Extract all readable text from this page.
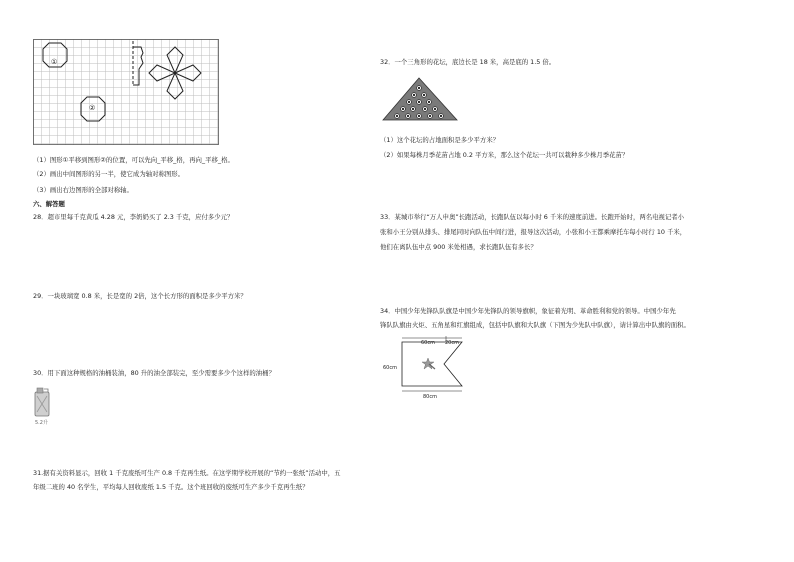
①
②
（1）图形①平移到图形②的位置，可以先向_平移_格，再向_平移_格。
（2）画出中间图形的另一半，使它成为轴对称图形。
（3）画出右边图形的全部对称轴。
六、解答题
28．超市里每千克黄瓜 4.28 元，李奶奶买了 2.3 千克，应付多少元？
29．一块玻璃宽 0.8 米，长是宽的 2倍，这个长方形的面积是多少平方米？
30．用下面这种规格的油桶装油，80 升的油全部装完，至少需要多少个这样的油桶？
5.2升
31.据有关资料显示，回收 1 千克废纸可生产 0.8 千克再生纸。在这学期学校开展的“节约一张纸”活动中，五
年级二班的 40 名学生，平均每人回收废纸 1.5 千克。这个班回收的废纸可生产多少千克再生纸？
32．一个三角形的花坛，底边长是 18 米，高是底的 1.5 倍。
（1）这个花坛的占地面积是多少平方米？
（2）如果每株月季花苗占地 0.2 平方米，那么这个花坛一共可以栽种多少株月季花苗？
33．某城市举行“万人申奥”长跑活动，长跑队伍以每小时 6 千米的速度前进。长跑开始时，两名电视记者小
张和小王分别从排头、排尾同时向队伍中间行进，报导这次活动，小张和小王都乘摩托车每小时行 10 千米，
他们在离队伍中点 900 米处相遇，求长跑队伍有多长？
34．中国少年先锋队队旗是中国少年先锋队的领导旗帜，象征着光明、革命胜利和党的领导。中国少年先
锋队队旗由火炬、五角星和红旗组成，包括中队旗和大队旗（下图为少先队中队旗），请计算出中队旗的面积。
60cm 20cm
60cm
80cm
